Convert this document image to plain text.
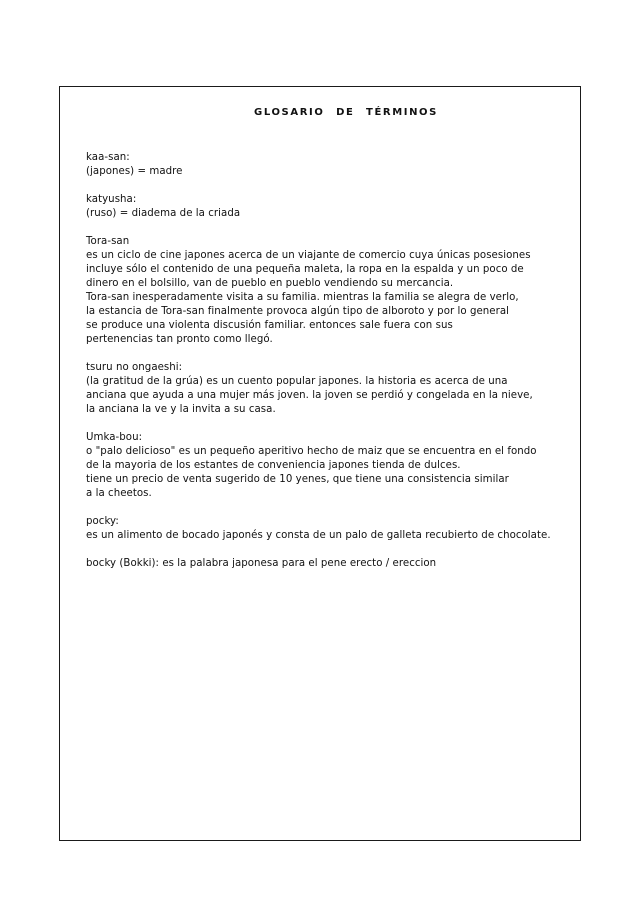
glosario de términos
kaa-san:
(japones) = madre
katyusha:
(ruso) = diadema de la criada
Tora-san
es un ciclo de cine japones acerca de un viajante de comercio cuya únicas posesiones
incluye sólo el contenido de una pequeña maleta, la ropa en la espalda y un poco de
dinero en el bolsillo, van de pueblo en pueblo vendiendo su mercancia.
Tora-san inesperadamente visita a su familia. mientras la familia se alegra de verlo,
la estancia de Tora-san finalmente provoca algún tipo de alboroto y por lo general
se produce una violenta discusión familiar. entonces sale fuera con sus
pertenencias tan pronto como llegó.
tsuru no ongaeshi:
(la gratitud de la grúa) es un cuento popular japones. la historia es acerca de una
anciana que ayuda a una mujer más joven. la joven se perdió y congelada en la nieve,
la anciana la ve y la invita a su casa.
Umka-bou:
o "palo delicioso" es un pequeño aperitivo hecho de maiz que se encuentra en el fondo
de la mayoria de los estantes de conveniencia japones tienda de dulces.
tiene un precio de venta sugerido de 10 yenes, que tiene una consistencia similar
a la cheetos.
pocky:
es un alimento de bocado japonés y consta de un palo de galleta recubierto de chocolate.
bocky (Bokki): es la palabra japonesa para el pene erecto / ereccion
